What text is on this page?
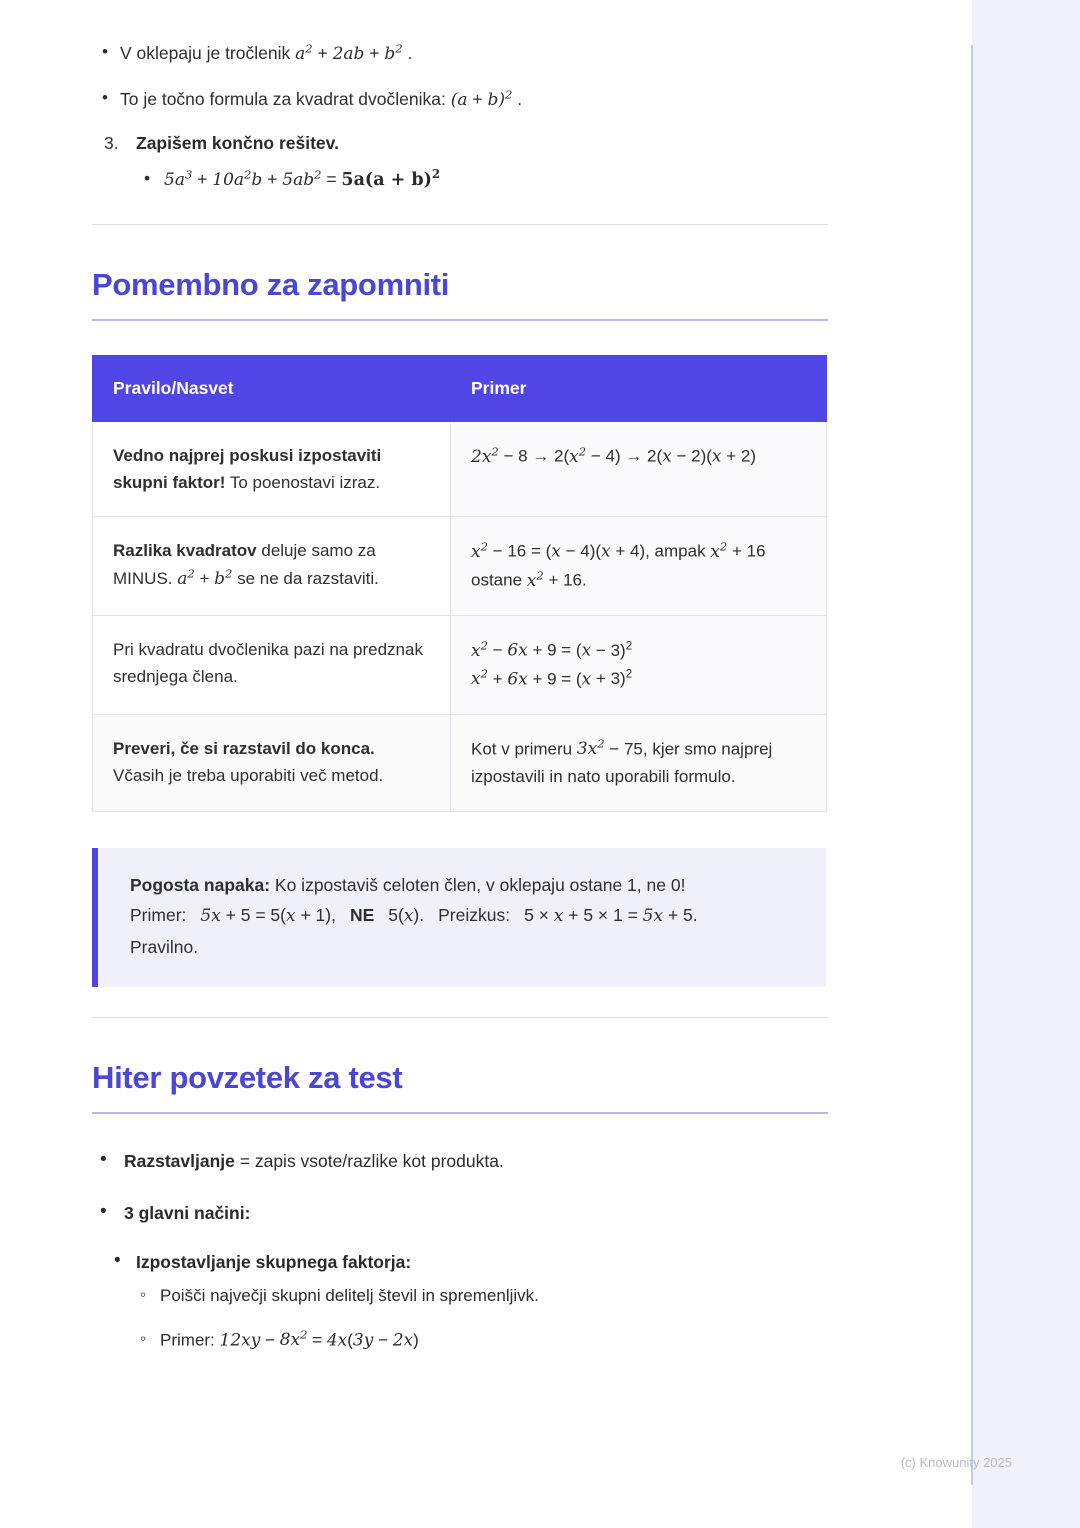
• V oklepaju je tročlenik $a^2 + 2ab + b^2$ .
• To je točno formula za kvadrat dvočlenika: $(a + b)^2$ .
3. Zapišem končno rešitev.
• $5a^3 + 10a^2b + 5ab^2 = 5a(a + b)^2$
Pomembno za zapomniti
Pravilo/Nasvet	Primer
Vedno najprej poskusi izpostaviti skupni faktor! To poenostavi izraz.	$2x^2 - 8 \to 2(x^2 - 4) \to 2(x - 2)(x + 2)$
Razlika kvadratov deluje samo za MINUS. $a^2 + b^2$ se ne da razstaviti.	$x^2 - 16 = (x - 4)(x + 4)$, ampak $x^2 + 16$ ostane $x^2 + 16$.
Pri kvadratu dvočlenika pazi na predznak srednjega člena.	$x^2 - 6x + 9 = (x - 3)^2$
$x^2 + 6x + 9 = (x + 3)^2$

Preveri, če si razstavil do konca. Včasih je treba uporabiti več metod.	Kot v primeru $3x^2 - 75$, kjer smo najprej izpostavili in nato uporabili formulo.
Pogosta napaka: Ko izpostaviš celoten člen, v oklepaju ostane 1, ne 0!
Primer: 5x + 5 = 5(x + 1), NE 5(x). Preizkus: 5 × x + 5 × 1 = 5x + 5.
Pravilno.
Hiter povzetek za test
• Razstavljanje = zapis vsote/razlike kot produkta.
• 3 glavni načini:
• Izpostavljanje skupnega faktorja:
◦ Poišči največji skupni delitelj števil in spremenljivk.
◦ Primer: $12xy - 8x^2 = 4x(3y - 2x)$
(c) Knowunity 2025
